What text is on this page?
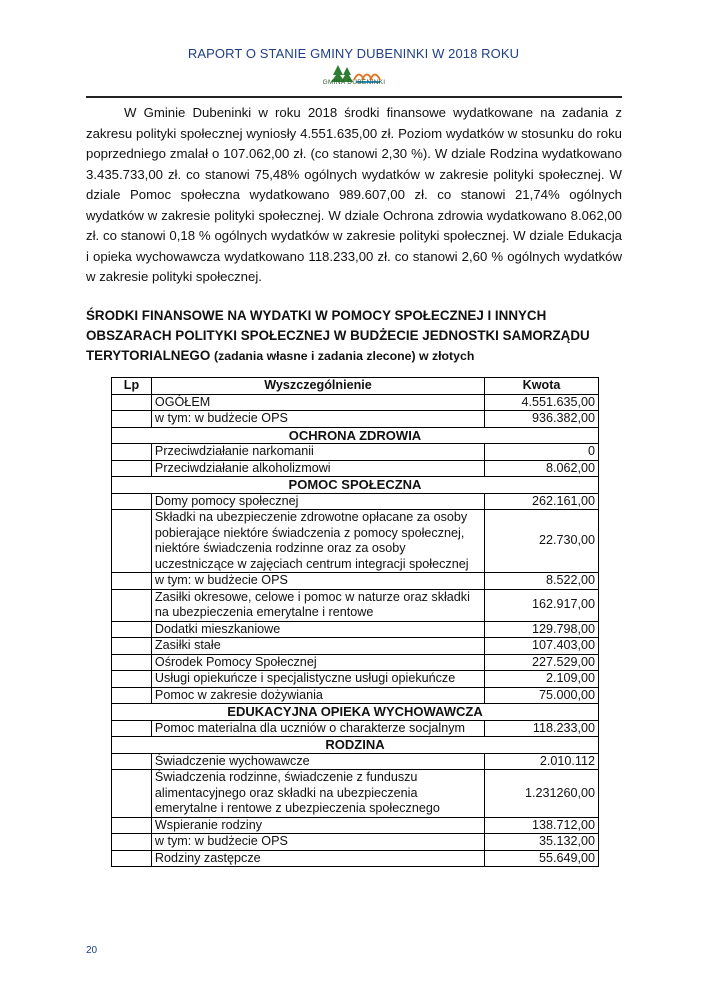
RAPORT O STANIE GMINY DUBENINKI W 2018 ROKU
GMINA DUBENINKI

W Gminie Dubeninki w roku 2018 środki finansowe wydatkowane na zadania z zakresu polityki społecznej wyniosły 4.551.635,00 zł. Poziom wydatków w stosunku do roku poprzedniego zmalał o 107.062,00 zł. (co stanowi 2,30 %). W dziale Rodzina wydatkowano 3.435.733,00 zł. co stanowi 75,48% ogólnych wydatków w zakresie polityki społecznej. W dziale Pomoc społeczna wydatkowano 989.607,00 zł. co stanowi 21,74% ogólnych wydatków w zakresie polityki społecznej. W dziale Ochrona zdrowia wydatkowano 8.062,00 zł. co stanowi 0,18 % ogólnych wydatków w zakresie polityki społecznej. W dziale Edukacja i opieka wychowawcza wydatkowano 118.233,00 zł. co stanowi 2,60 % ogólnych wydatków w zakresie polityki społecznej.

ŚRODKI FINANSOWE NA WYDATKI W POMOCY SPOŁECZNEJ I INNYCH OBSZARACH POLITYKI SPOŁECZNEJ W BUDŻECIE JEDNOSTKI SAMORZĄDU TERYTORIALNEGO (zadania własne i zadania zlecone) w złotych

Lp	Wyszczególnienie	Kwota
	OGÓŁEM	4.551.635,00
	w tym: w budżecie OPS	936.382,00
OCHRONA ZDROWIA		
	Przeciwdziałanie narkomanii	0
	Przeciwdziałanie alkoholizmowi	8.062,00
POMOC SPOŁECZNA		
	Domy pomocy społecznej	262.161,00
	Składki na ubezpieczenie zdrowotne opłacane za osoby pobierające niektóre świadczenia z pomocy społecznej, niektóre świadczenia rodzinne oraz za osoby uczestniczące w zajęciach centrum integracji społecznej	22.730,00
	w tym: w budżecie OPS	8.522,00
	Zasiłki okresowe, celowe i pomoc w naturze oraz składki na ubezpieczenia emerytalne i rentowe	162.917,00
	Dodatki mieszkaniowe	129.798,00
	Zasiłki stałe	107.403,00
	Ośrodek Pomocy Społecznej	227.529,00
	Usługi opiekuńcze i specjalistyczne usługi opiekuńcze	2.109,00
	Pomoc w zakresie dożywiania	75.000,00
EDUKACYJNA OPIEKA WYCHOWAWCZA		
	Pomoc materialna dla uczniów o charakterze socjalnym	118.233,00
RODZINA		
	Świadczenie wychowawcze	2.010.112
	Świadczenia rodzinne, świadczenie z funduszu alimentacyjnego oraz składki na ubezpieczenia emerytalne i rentowe z ubezpieczenia społecznego	1.231260,00
	Wspieranie rodziny	138.712,00
	w tym: w budżecie OPS	35.132,00
	Rodziny zastępcze	55.649,00
20
